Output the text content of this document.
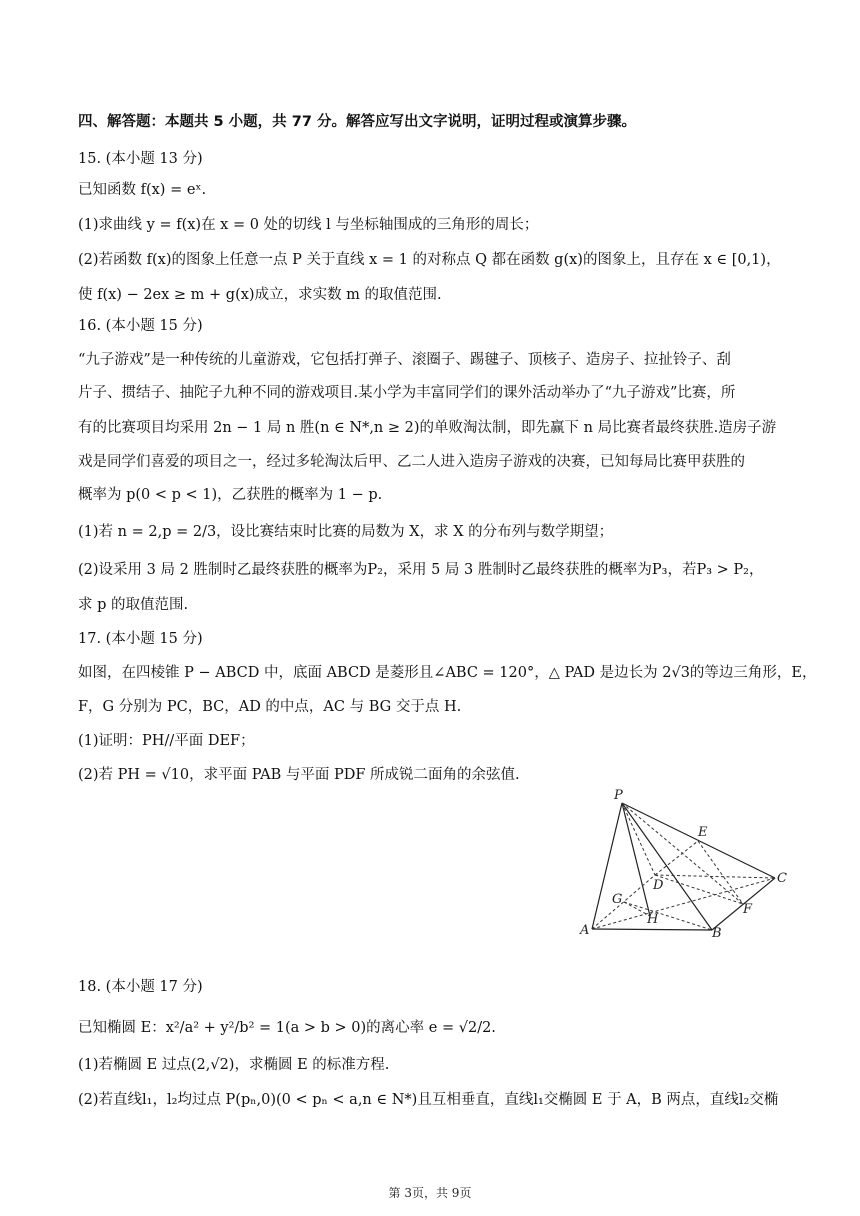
四、解答题：本题共 5 小题，共 77 分。解答应写出文字说明，证明过程或演算步骤。
15. (本小题 13 分)
已知函数 f(x) = eˣ.
(1)求曲线 y = f(x)在 x = 0 处的切线 l 与坐标轴围成的三角形的周长；
(2)若函数 f(x)的图象上任意一点 P 关于直线 x = 1 的对称点 Q 都在函数 g(x)的图象上，且存在 x ∈ [0,1)，
使 f(x) − 2ex ≥ m + g(x)成立，求实数 m 的取值范围.
16. (本小题 15 分)
“九子游戏”是一种传统的儿童游戏，它包括打弹子、滚圈子、踢毽子、顶核子、造房子、拉扯铃子、刮
片子、掼结子、抽陀子九种不同的游戏项目.某小学为丰富同学们的课外活动举办了“九子游戏”比赛，所
有的比赛项目均采用 2n − 1 局 n 胜(n ∈ N*,n ≥ 2)的单败淘汰制，即先赢下 n 局比赛者最终获胜.造房子游
戏是同学们喜爱的项目之一，经过多轮淘汰后甲、乙二人进入造房子游戏的决赛，已知每局比赛甲获胜的
概率为 p(0 < p < 1)，乙获胜的概率为 1 − p.
(1)若 n = 2,p = 2/3，设比赛结束时比赛的局数为 X，求 X 的分布列与数学期望；
(2)设采用 3 局 2 胜制时乙最终获胜的概率为P₂，采用 5 局 3 胜制时乙最终获胜的概率为P₃，若P₃ > P₂，
求 p 的取值范围.
17. (本小题 15 分)
如图，在四棱锥 P − ABCD 中，底面 ABCD 是菱形且∠ABC = 120°，△ PAD 是边长为 2√3的等边三角形，E，
F，G 分别为 PC，BC，AD 的中点，AC 与 BG 交于点 H.
(1)证明：PH//平面 DEF；
(2)若 PH = √10，求平面 PAB 与平面 PDF 所成锐二面角的余弦值.
P
E
D	C
G
F
A
H
B
18. (本小题 17 分)
已知椭圆 E：x²/a² + y²/b² = 1(a > b > 0)的离心率 e = √2/2.
(1)若椭圆 E 过点(2,√2)，求椭圆 E 的标准方程.
(2)若直线l₁，l₂均过点 P(pₙ,0)(0 < pₙ < a,n ∈ N*)且互相垂直，直线l₁交椭圆 E 于 A，B 两点，直线l₂交椭
第 3页，共 9页
